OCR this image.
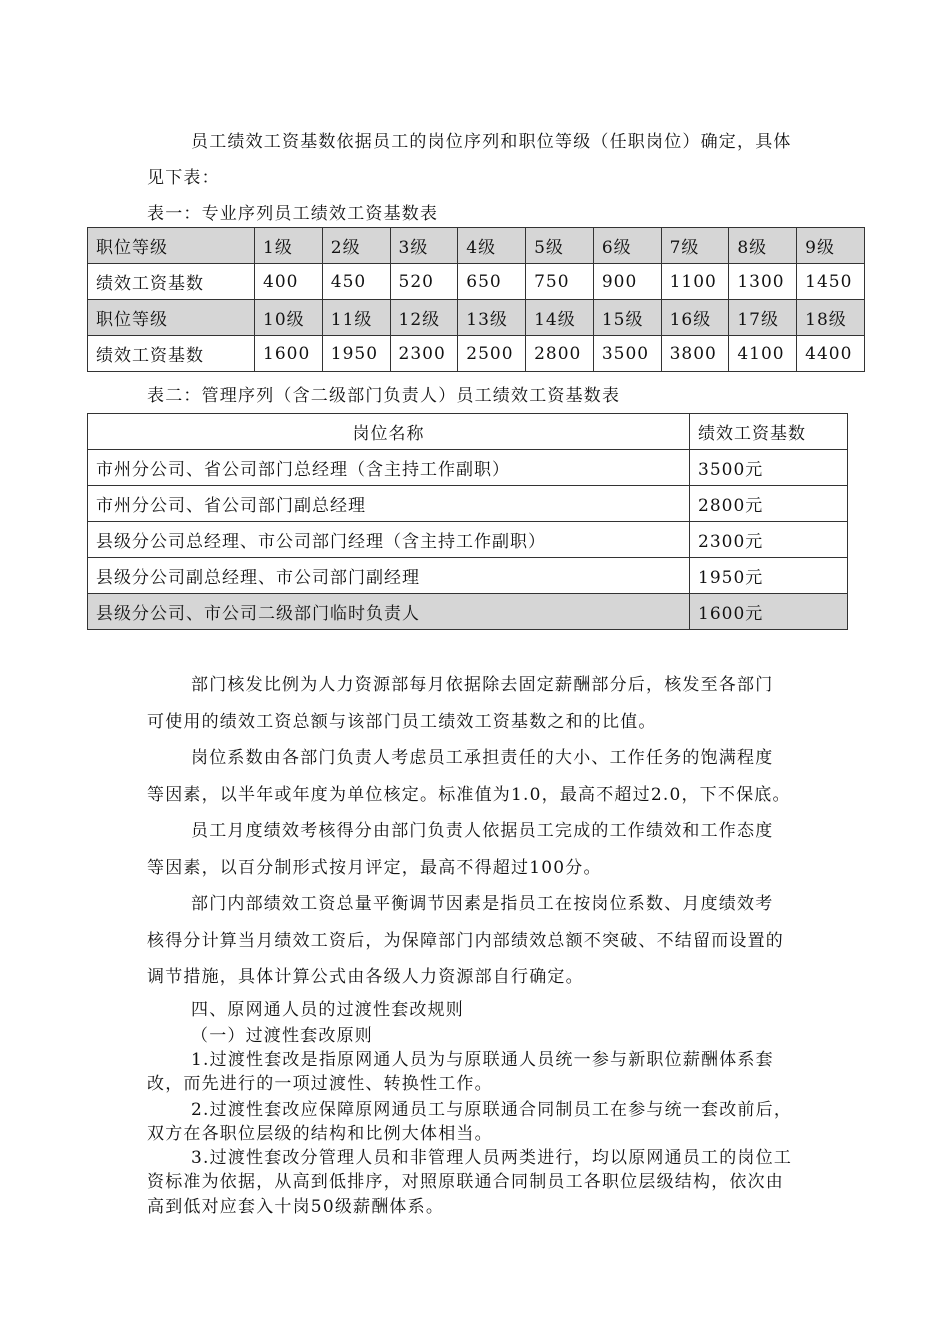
员工绩效工资基数依据员工的岗位序列和职位等级（任职岗位）确定，具体
见下表：
表一：专业序列员工绩效工资基数表
职位等级	1级	2级	3级	4级	5级	6级	7级	8级	9级
绩效工资基数	400	450	520	650	750	900	1100	1300	1450
职位等级	10级	11级	12级	13级	14级	15级	16级	17级	18级
绩效工资基数	1600	1950	2300	2500	2800	3500	3800	4100	4400
表二：管理序列（含二级部门负责人）员工绩效工资基数表
岗位名称	绩效工资基数
市州分公司、省公司部门总经理（含主持工作副职）	3500元
市州分公司、省公司部门副总经理	2800元
县级分公司总经理、市公司部门经理（含主持工作副职）	2300元
县级分公司副总经理、市公司部门副经理	1950元
县级分公司、市公司二级部门临时负责人	1600元
部门核发比例为人力资源部每月依据除去固定薪酬部分后，核发至各部门
可使用的绩效工资总额与该部门员工绩效工资基数之和的比值。
岗位系数由各部门负责人考虑员工承担责任的大小、工作任务的饱满程度
等因素，以半年或年度为单位核定。标准值为1.0，最高不超过2.0，下不保底。
员工月度绩效考核得分由部门负责人依据员工完成的工作绩效和工作态度
等因素，以百分制形式按月评定，最高不得超过100分。
部门内部绩效工资总量平衡调节因素是指员工在按岗位系数、月度绩效考
核得分计算当月绩效工资后，为保障部门内部绩效总额不突破、不结留而设置的
调节措施，具体计算公式由各级人力资源部自行确定。
四、原网通人员的过渡性套改规则
（一）过渡性套改原则
1.过渡性套改是指原网通人员为与原联通人员统一参与新职位薪酬体系套
改，而先进行的一项过渡性、转换性工作。
2.过渡性套改应保障原网通员工与原联通合同制员工在参与统一套改前后，
双方在各职位层级的结构和比例大体相当。
3.过渡性套改分管理人员和非管理人员两类进行，均以原网通员工的岗位工
资标准为依据，从高到低排序，对照原联通合同制员工各职位层级结构，依次由
高到低对应套入十岗50级薪酬体系。
